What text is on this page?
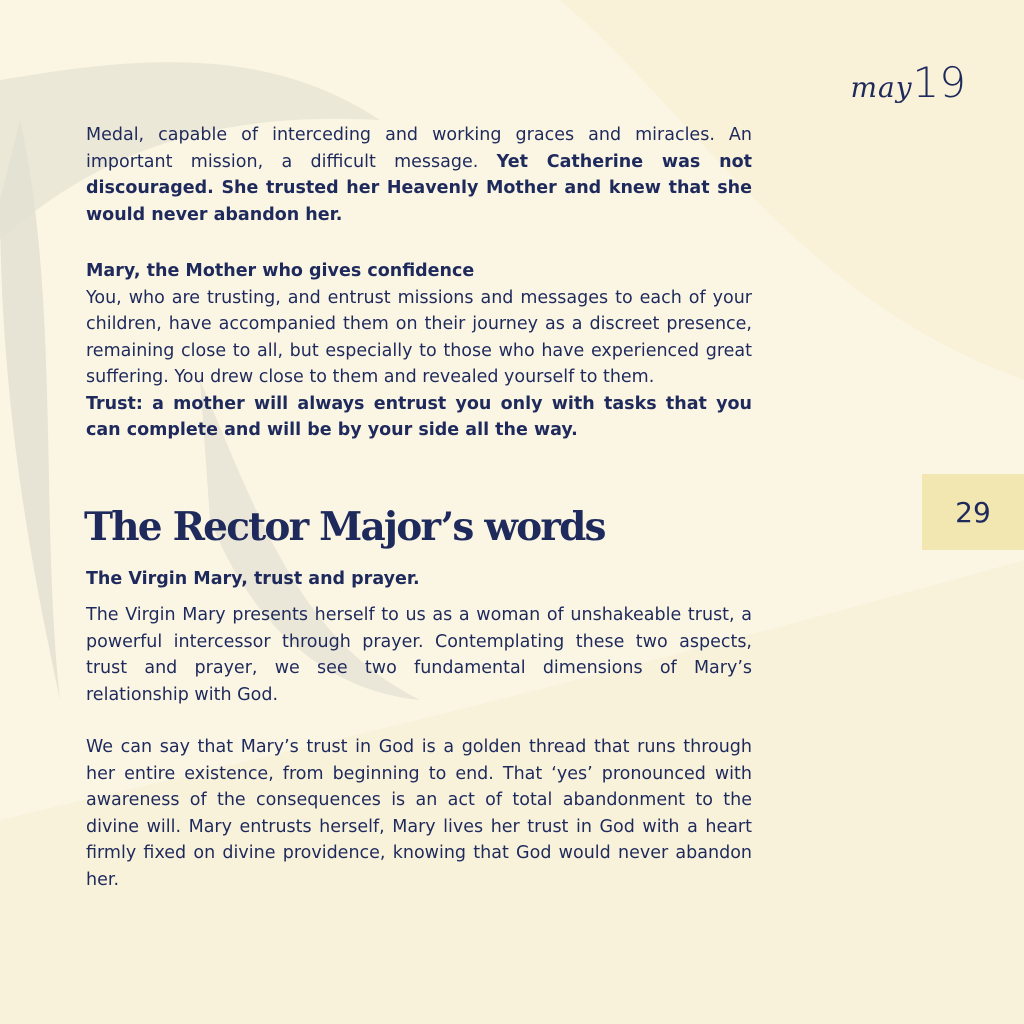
may19
29

Medal, capable of interceding and working graces and miracles. An important mission, a difficult message. Yet Catherine was not discouraged. She trusted her Heavenly Mother and knew that she would never abandon her.

Mary, the Mother who gives confidence

You, who are trusting, and entrust missions and messages to each of your children, have accompanied them on their journey as a discreet presence, remaining close to all, but especially to those who have experienced great suffering. You drew close to them and revealed yourself to them.

Trust: a mother will always entrust you only with tasks that you can complete and will be by your side all the way.

The Rector Major’s words

The Virgin Mary, trust and prayer.

The Virgin Mary presents herself to us as a woman of unshakeable trust, a powerful intercessor through prayer. Contemplating these two aspects, trust and prayer, we see two fundamental dimensions of Mary’s relationship with God.

We can say that Mary’s trust in God is a golden thread that runs through her entire existence, from beginning to end. That ‘yes’ pronounced with awareness of the consequences is an act of total abandonment to the divine will. Mary entrusts herself, Mary lives her trust in God with a heart firmly fixed on divine providence, knowing that God would never abandon her.
